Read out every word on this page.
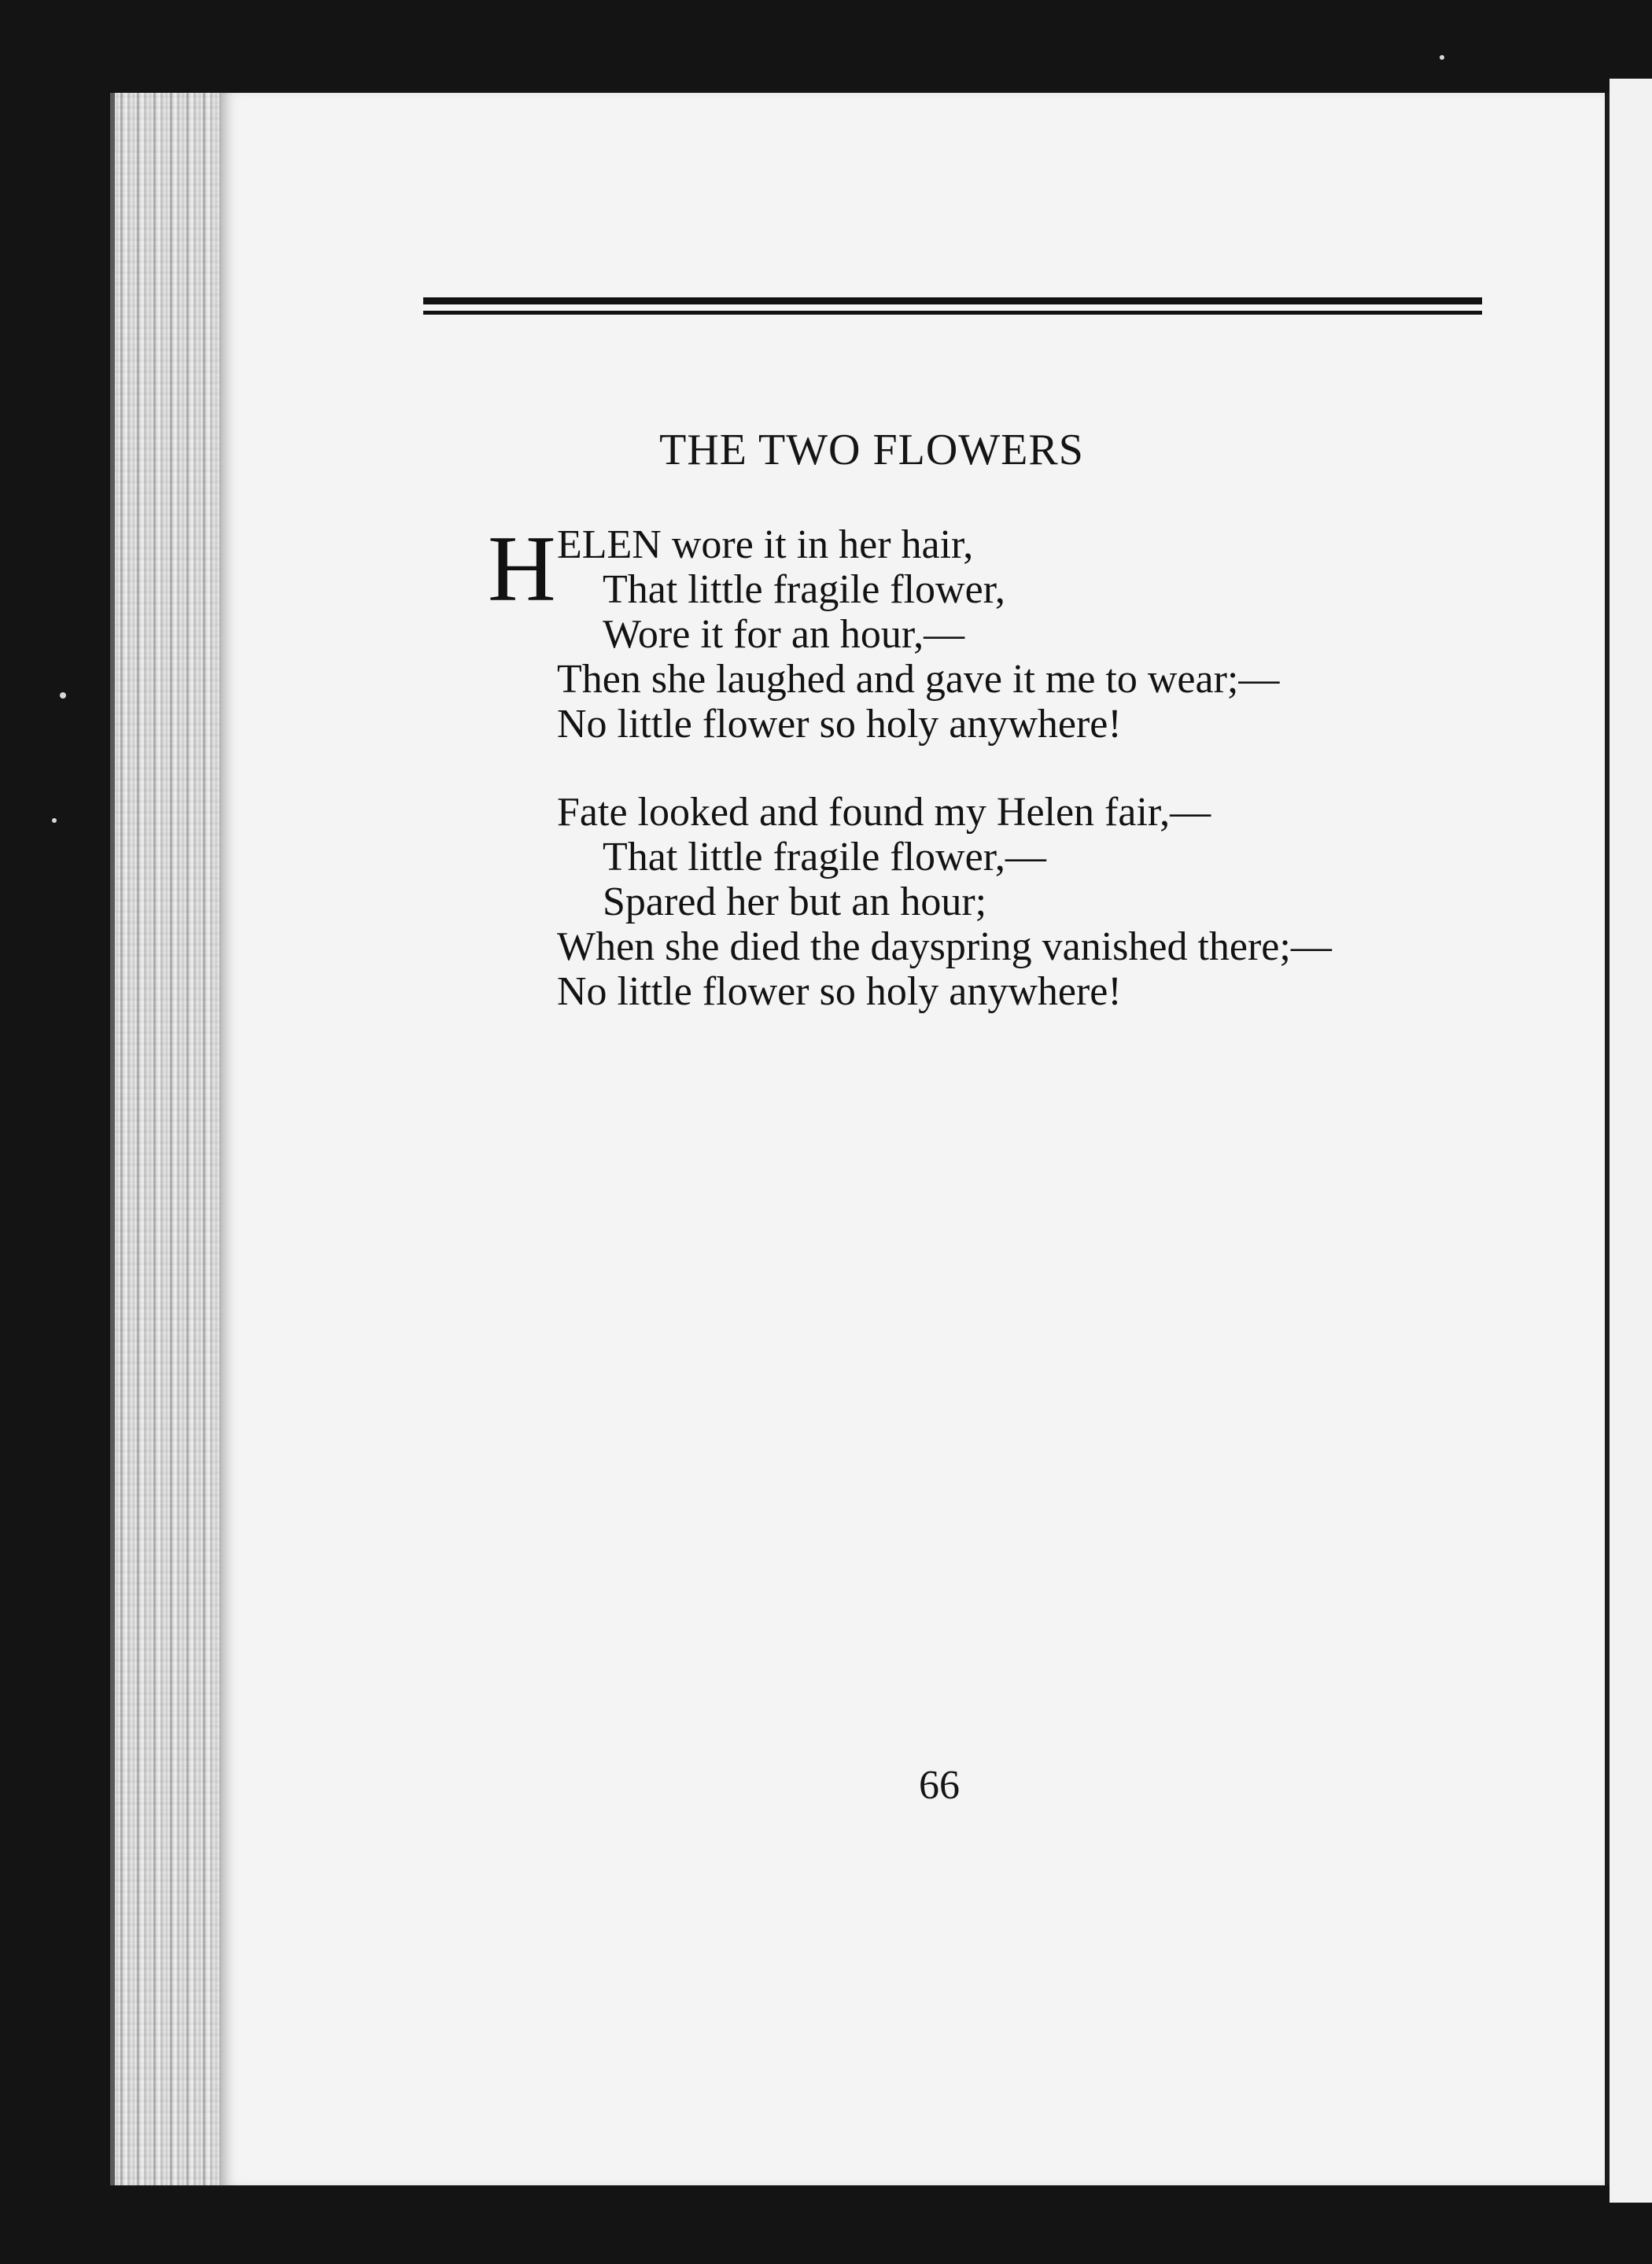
THE TWO FLOWERS
H ELEN wore it in her hair,
That little fragile flower,
Wore it for an hour,—
Then she laughed and gave it me to wear;—
No little flower so holy anywhere!
Fate looked and found my Helen fair,—
That little fragile flower,—
Spared her but an hour;
When she died the dayspring vanished there;—
No little flower so holy anywhere!
66
